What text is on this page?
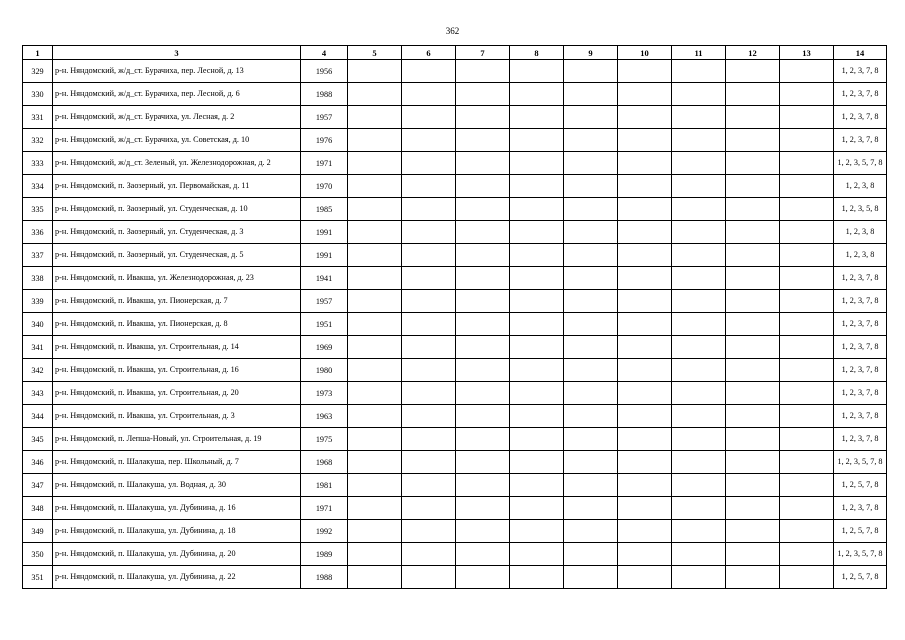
362
1	3	4	5	6	7	8	9	10	11	12	13	14
329	р-н. Няндомский, ж/д_ст. Бурачиха, пер. Лесной, д. 13	1956										1, 2, 3, 7, 8
330	р-н. Няндомский, ж/д_ст. Бурачиха, пер. Лесной, д. 6	1988										1, 2, 3, 7, 8
331	р-н. Няндомский, ж/д_ст. Бурачиха, ул. Лесная, д. 2	1957										1, 2, 3, 7, 8
332	р-н. Няндомский, ж/д_ст. Бурачиха, ул. Советская, д. 10	1976										1, 2, 3, 7, 8
333	р-н. Няндомский, ж/д_ст. Зеленый, ул. Железнодорожная, д. 2	1971										1, 2, 3, 5, 7, 8
334	р-н. Няндомский, п. Заозерный, ул. Первомайская, д. 11	1970										1, 2, 3, 8
335	р-н. Няндомский, п. Заозерный, ул. Студенческая, д. 10	1985										1, 2, 3, 5, 8
336	р-н. Няндомский, п. Заозерный, ул. Студенческая, д. 3	1991										1, 2, 3, 8
337	р-н. Няндомский, п. Заозерный, ул. Студенческая, д. 5	1991										1, 2, 3, 8
338	р-н. Няндомский, п. Ивакша, ул. Железнодорожная, д. 23	1941										1, 2, 3, 7, 8
339	р-н. Няндомский, п. Ивакша, ул. Пионерская, д. 7	1957										1, 2, 3, 7, 8
340	р-н. Няндомский, п. Ивакша, ул. Пионерская, д. 8	1951										1, 2, 3, 7, 8
341	р-н. Няндомский, п. Ивакша, ул. Строительная, д. 14	1969										1, 2, 3, 7, 8
342	р-н. Няндомский, п. Ивакша, ул. Строительная, д. 16	1980										1, 2, 3, 7, 8
343	р-н. Няндомский, п. Ивакша, ул. Строительная, д. 20	1973										1, 2, 3, 7, 8
344	р-н. Няндомский, п. Ивакша, ул. Строительная, д. 3	1963										1, 2, 3, 7, 8
345	р-н. Няндомский, п. Лепша-Новый, ул. Строительная, д. 19	1975										1, 2, 3, 7, 8
346	р-н. Няндомский, п. Шалакуша, пер. Школьный, д. 7	1968										1, 2, 3, 5, 7, 8
347	р-н. Няндомский, п. Шалакуша, ул. Водная, д. 30	1981										1, 2, 5, 7, 8
348	р-н. Няндомский, п. Шалакуша, ул. Дубинина, д. 16	1971										1, 2, 3, 7, 8
349	р-н. Няндомский, п. Шалакуша, ул. Дубинина, д. 18	1992										1, 2, 5, 7, 8
350	р-н. Няндомский, п. Шалакуша, ул. Дубинина, д. 20	1989										1, 2, 3, 5, 7, 8
351	р-н. Няндомский, п. Шалакуша, ул. Дубинина, д. 22	1988										1, 2, 5, 7, 8
